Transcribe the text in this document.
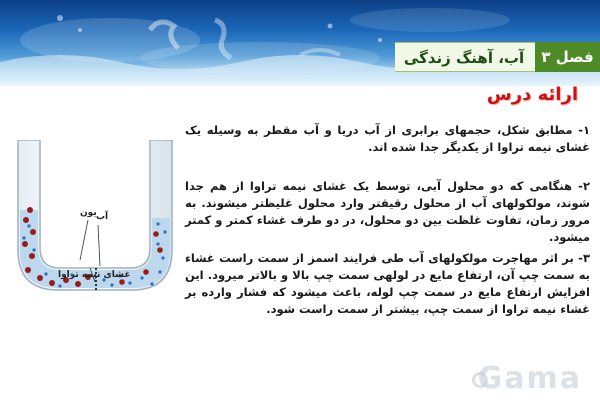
آب، آهنگ زندگی	فصل ۳
ارائه درس
۱- مطابق شکل، حجمهای برابری از آب دریا و آب مقطر به وسیله یک غشای نیمه تراوا از یکدیگر جدا شده اند.
۲- هنگامی که دو محلول آبی، توسط یک غشای نیمه تراوا از هم جدا شوند، مولکولهای آب از محلول رقیقتر وارد محلول غلیظتر میشوند. به مرور زمان، تفاوت غلظت بین دو محلول، در دو طرف غشاء کمتر و کمتر میشود.
۳- بر اثر مهاجرت مولکولهای آب طی فرایند اسمز از سمت راست غشاء به سمت چپ آن، ارتفاع مایع در لولهی سمت چپ بالا و بالاتر میرود. این افزایش ارتفاع مایع در سمت چپ لوله، باعث میشود که فشار وارده بر غشاء نیمه تراوا از سمت چپ، بیشتر از سمت راست شود.
یون آب
غشای نیمه تراوا
Gama
